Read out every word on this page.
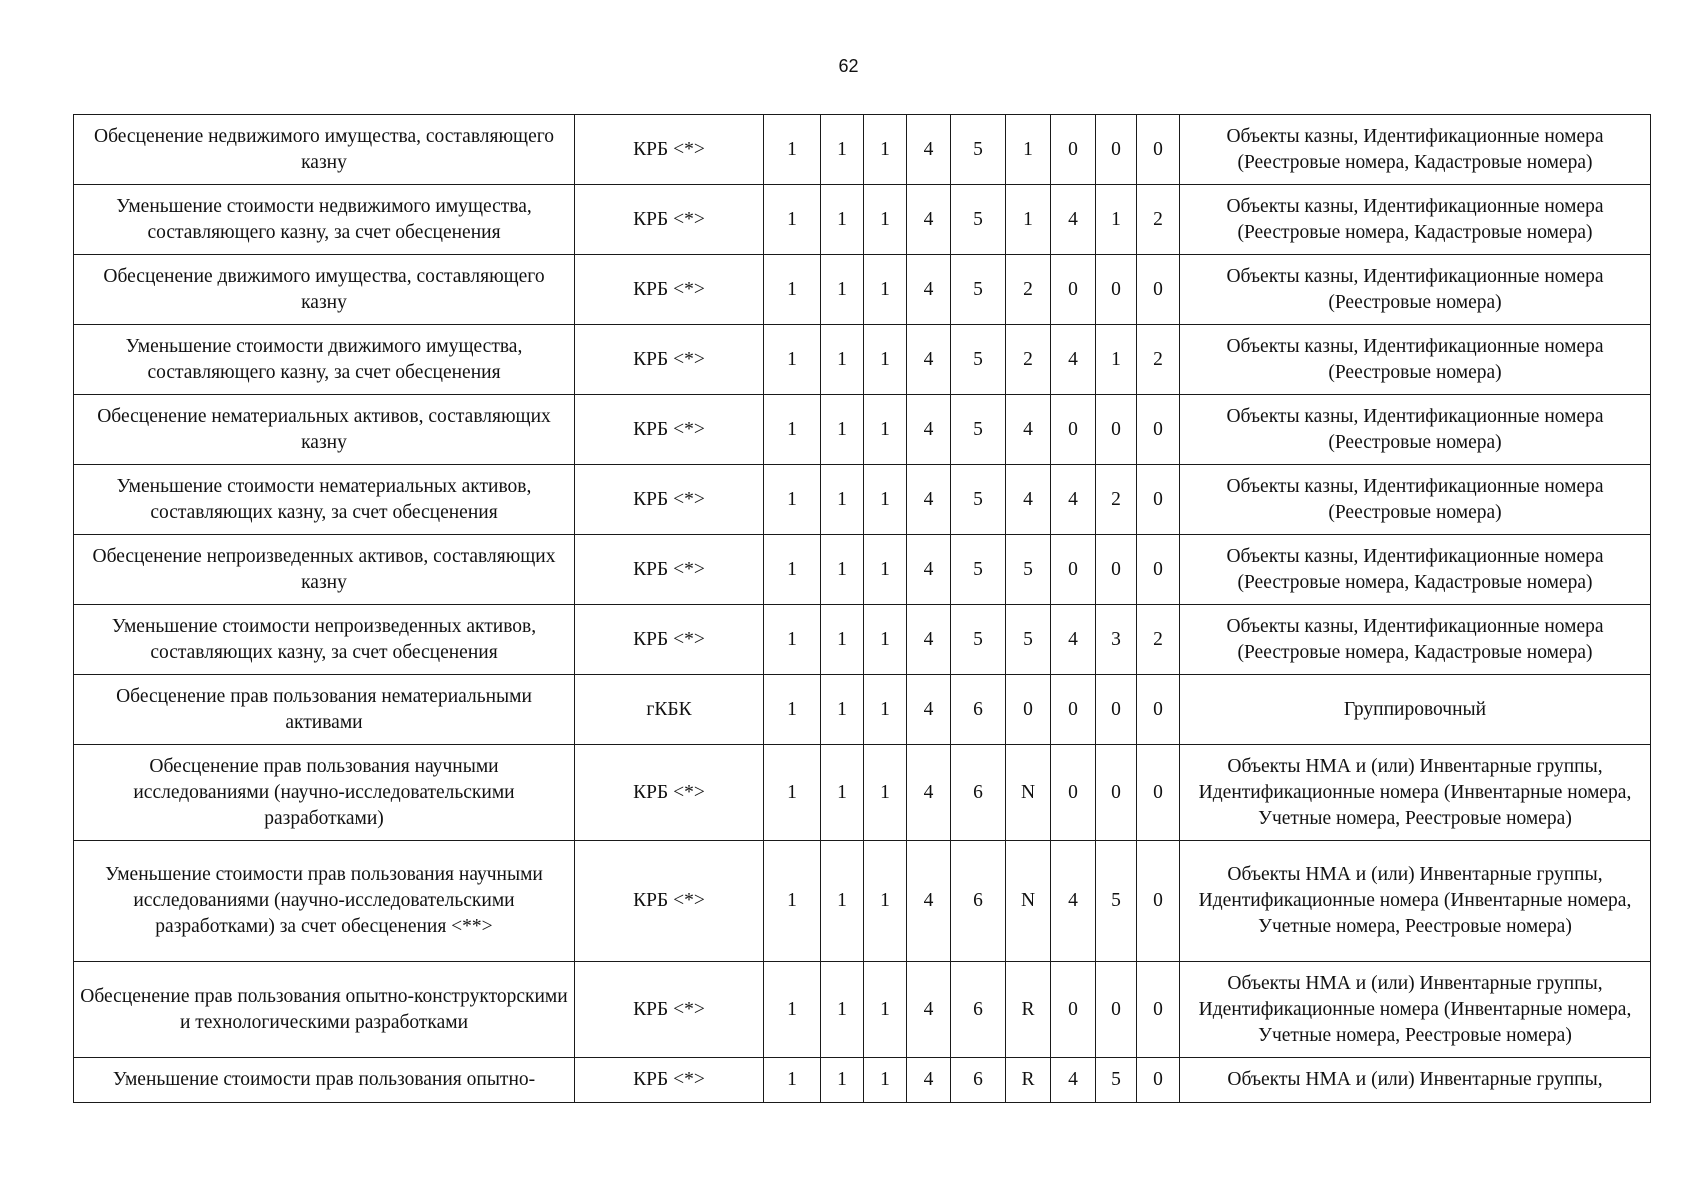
62
Обесценение недвижимого имущества, составляющего казну	КРБ <*>	1	1	1	4	5	1	0	0	0	Объекты казны, Идентификационные номера (Реестровые номера, Кадастровые номера)
Уменьшение стоимости недвижимого имущества, составляющего казну, за счет обесценения	КРБ <*>	1	1	1	4	5	1	4	1	2	Объекты казны, Идентификационные номера (Реестровые номера, Кадастровые номера)
Обесценение движимого имущества, составляющего казну	КРБ <*>	1	1	1	4	5	2	0	0	0	Объекты казны, Идентификационные номера (Реестровые номера)
Уменьшение стоимости движимого имущества, составляющего казну, за счет обесценения	КРБ <*>	1	1	1	4	5	2	4	1	2	Объекты казны, Идентификационные номера (Реестровые номера)
Обесценение нематериальных активов, составляющих казну	КРБ <*>	1	1	1	4	5	4	0	0	0	Объекты казны, Идентификационные номера (Реестровые номера)
Уменьшение стоимости нематериальных активов, составляющих казну, за счет обесценения	КРБ <*>	1	1	1	4	5	4	4	2	0	Объекты казны, Идентификационные номера (Реестровые номера)
Обесценение непроизведенных активов, составляющих казну	КРБ <*>	1	1	1	4	5	5	0	0	0	Объекты казны, Идентификационные номера (Реестровые номера, Кадастровые номера)
Уменьшение стоимости непроизведенных активов, составляющих казну, за счет обесценения	КРБ <*>	1	1	1	4	5	5	4	3	2	Объекты казны, Идентификационные номера (Реестровые номера, Кадастровые номера)
Обесценение прав пользования нематериальными активами	гКБК	1	1	1	4	6	0	0	0	0	Группировочный
Обесценение прав пользования научными исследованиями (научно-исследовательскими разработками)	КРБ <*>	1	1	1	4	6	N	0	0	0	Объекты НМА и (или) Инвентарные группы, Идентификационные номера (Инвентарные номера, Учетные номера, Реестровые номера)
Уменьшение стоимости прав пользования научными исследованиями (научно-исследовательскими разработками) за счет обесценения <**>	КРБ <*>	1	1	1	4	6	N	4	5	0	Объекты НМА и (или) Инвентарные группы, Идентификационные номера (Инвентарные номера, Учетные номера, Реестровые номера)
Обесценение прав пользования опытно-конструкторскими и технологическими разработками	КРБ <*>	1	1	1	4	6	R	0	0	0	Объекты НМА и (или) Инвентарные группы, Идентификационные номера (Инвентарные номера, Учетные номера, Реестровые номера)
Уменьшение стоимости прав пользования опытно-	КРБ <*>	1	1	1	4	6	R	4	5	0	Объекты НМА и (или) Инвентарные группы,
